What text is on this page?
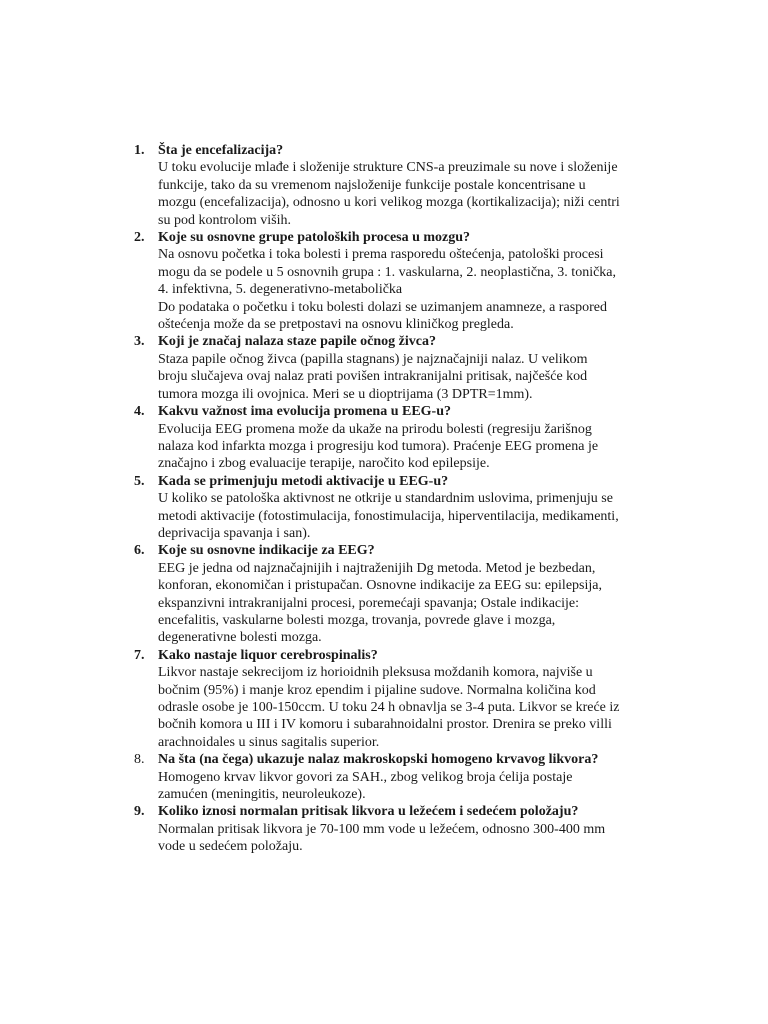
1. Šta je encefalizacija?

U toku evolucije mlađe i složenije strukture CNS-a preuzimale su nove i složenije

funkcije, tako da su vremenom najsloženije funkcije postale koncentrisane u

mozgu (encefalizacija), odnosno u kori velikog mozga (kortikalizacija); niži centri

su pod kontrolom viših.

2. Koje su osnovne grupe patoloških procesa u mozgu?

Na osnovu početka i toka bolesti i prema rasporedu oštećenja, patološki procesi

mogu da se podele u 5 osnovnih grupa : 1. vaskularna, 2. neoplastična, 3. tonička,

4. infektivna, 5. degenerativno-metabolička

Do podataka o početku i toku bolesti dolazi se uzimanjem anamneze, a raspored

oštećenja može da se pretpostavi na osnovu kliničkog pregleda.

3. Koji je značaj nalaza staze papile očnog živca?

Staza papile očnog živca (papilla stagnans) je najznačajniji nalaz. U velikom

broju slučajeva ovaj nalaz prati povišen intrakranijalni pritisak, najčešće kod

tumora mozga ili ovojnica. Meri se u dioptrijama (3 DPTR=1mm).

4. Kakvu važnost ima evolucija promena u EEG-u?

Evolucija EEG promena može da ukaže na prirodu bolesti (regresiju žarišnog

nalaza kod infarkta mozga i progresiju kod tumora). Praćenje EEG promena je

značajno i zbog evaluacije terapije, naročito kod epilepsije.

5. Kada se primenjuju metodi aktivacije u EEG-u?

U koliko se patološka aktivnost ne otkrije u standardnim uslovima, primenjuju se

metodi aktivacije (fotostimulacija, fonostimulacija, hiperventilacija, medikamenti,

deprivacija spavanja i san).

6. Koje su osnovne indikacije za EEG?

EEG je jedna od najznačajnijih i najtraženijih Dg metoda. Metod je bezbedan,

konforan, ekonomičan i pristupačan. Osnovne indikacije za EEG su: epilepsija,

ekspanzivni intrakranijalni procesi, poremećaji spavanja; Ostale indikacije:

encefalitis, vaskularne bolesti mozga, trovanja, povrede glave i mozga,

degenerativne bolesti mozga.

7. Kako nastaje liquor cerebrospinalis?

Likvor nastaje sekrecijom iz horioidnih pleksusa moždanih komora, najviše u

bočnim (95%) i manje kroz ependim i pijaline sudove. Normalna količina kod

odrasle osobe je 100-150ccm. U toku 24 h obnavlja se 3-4 puta. Likvor se kreće iz

bočnih komora u III i IV komoru i subarahnoidalni prostor. Drenira se preko villi

arachnoidales u sinus sagitalis superior.

8. Na šta (na čega) ukazuje nalaz makroskopski homogeno krvavog likvora?

Homogeno krvav likvor govori za SAH., zbog velikog broja ćelija postaje

zamućen (meningitis, neuroleukoze).

9. Koliko iznosi normalan pritisak likvora u ležećem i sedećem položaju?

Normalan pritisak likvora je 70-100 mm vode u ležećem, odnosno 300-400 mm

vode u sedećem položaju.
